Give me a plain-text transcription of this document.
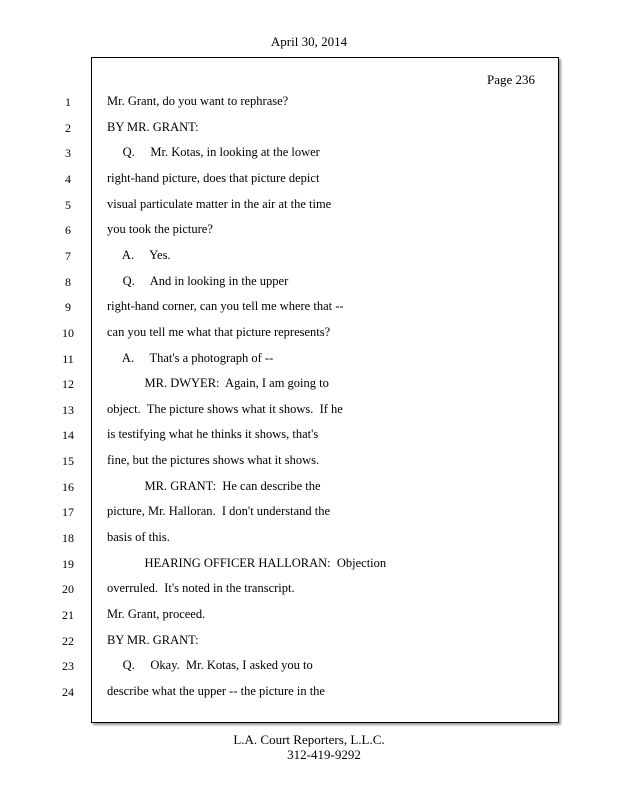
April 30, 2014
Page 236
1	Mr. Grant, do you want to rephrase?
2	BY MR. GRANT:
3	Q.     Mr. Kotas, in looking at the lower
4	right-hand picture, does that picture depict
5	visual particulate matter in the air at the time
6	you took the picture?
7	A.     Yes.
8	Q.     And in looking in the upper
9	right-hand corner, can you tell me where that --
10	can you tell me what that picture represents?
11	A.     That's a photograph of --
12	MR. DWYER:  Again, I am going to
13	object.  The picture shows what it shows.  If he
14	is testifying what he thinks it shows, that's
15	fine, but the pictures shows what it shows.
16	MR. GRANT:  He can describe the
17	picture, Mr. Halloran.  I don't understand the
18	basis of this.
19	HEARING OFFICER HALLORAN:  Objection
20	overruled.  It's noted in the transcript.
21	Mr. Grant, proceed.
22	BY MR. GRANT:
23	Q.     Okay.  Mr. Kotas, I asked you to
24	describe what the upper -- the picture in the
L.A. Court Reporters, L.L.C.
312-419-9292
